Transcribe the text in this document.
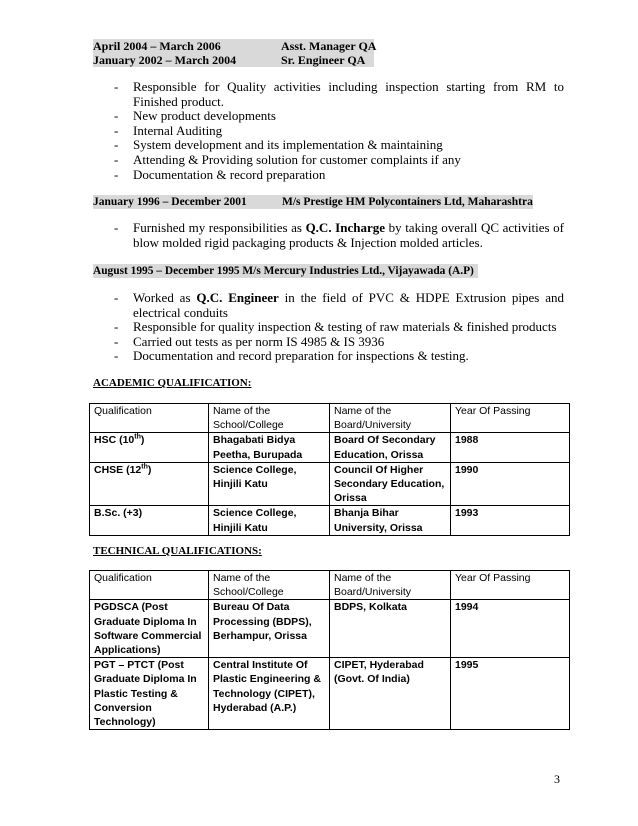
April 2004 – March 2006	Asst. Manager QA
January 2002 – March 2004	Sr. Engineer QA
- Responsible for Quality activities including inspection starting from RM to Finished product.
- New product developments
- Internal Auditing
- System development and its implementation & maintaining
- Attending & Providing solution for customer complaints if any
- Documentation & record preparation
January 1996 – December 2001	M/s Prestige HM Polycontainers Ltd, Maharashtra
- Furnished my responsibilities as Q.C. Incharge by taking overall QC activities of blow molded rigid packaging products & Injection molded articles.
August 1995 – December 1995 M/s Mercury Industries Ltd., Vijayawada (A.P)
- Worked as Q.C. Engineer in the field of PVC & HDPE Extrusion pipes and electrical conduits
- Responsible for quality inspection & testing of raw materials & finished products
- Carried out tests as per norm IS 4985 & IS 3936
- Documentation and record preparation for inspections & testing.
ACADEMIC QUALIFICATION:
Qualification	Name of the School/College	Name of the Board/University	Year Of Passing
HSC (10th)	Bhagabati Bidya Peetha, Burupada	Board Of Secondary Education, Orissa	1988
CHSE (12th)	Science College, Hinjili Katu	Council Of Higher Secondary Education, Orissa	1990
B.Sc. (+3)	Science College, Hinjili Katu	Bhanja Bihar University, Orissa	1993
TECHNICAL QUALIFICATIONS:
Qualification	Name of the School/College	Name of the Board/University	Year Of Passing
PGDSCA (Post Graduate Diploma In Software Commercial Applications)	Bureau Of Data Processing (BDPS), Berhampur, Orissa	BDPS, Kolkata	1994
PGT – PTCT (Post Graduate Diploma In Plastic Testing & Conversion Technology)	Central Institute Of Plastic Engineering & Technology (CIPET), Hyderabad (A.P.)	CIPET, Hyderabad (Govt. Of India)	1995
3
